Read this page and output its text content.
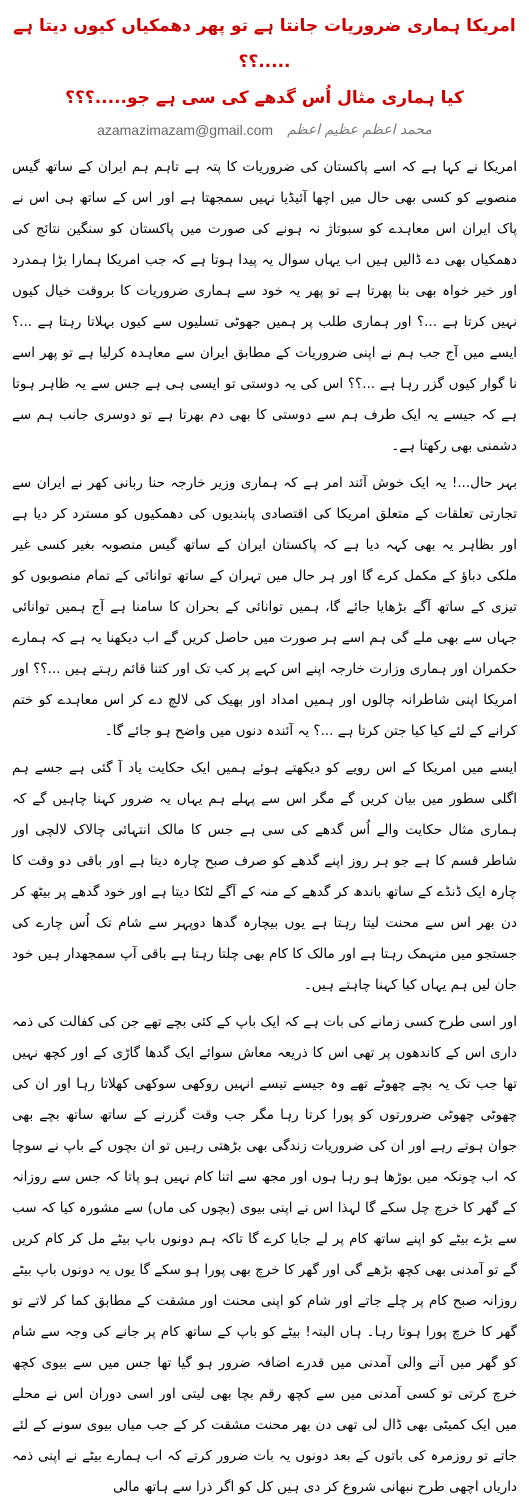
امریکا ہماری ضروریات جانتا ہے تو پھر دھمکیاں کیوں دیتا ہے .....؟؟
کیا ہماری مثال اُس گدھے کی سی ہے جو.....؟؟؟
azamazimazam@gmail.com محمد اعظم عظیم اعظم

امریکا نے کہا ہے کہ اسے پاکستان کی ضروریات کا پتہ ہے تاہم ہم ایران کے ساتھ گیس منصوبے کو کسی بھی حال میں اچھا آئیڈیا نہیں سمجھتا ہے اور اس کے ساتھ ہی اس نے پاک ایران اس معاہدے کو سبوتاژ نہ ہونے کی صورت میں پاکستان کو سنگین نتائج کی دھمکیاں بھی دے ڈالیں ہیں اب یہاں سوال یہ پیدا ہوتا ہے کہ جب امریکا ہمارا بڑا ہمدرد اور خیر خواہ بھی بنا پھرتا ہے تو پھر یہ خود سے ہماری ضروریات کا بروقت خیال کیوں نہیں کرتا ہے ...؟ اور ہماری طلب پر ہمیں جھوٹی تسلیوں سے کیوں بہلاتا رہتا ہے ...؟ ایسے میں آج جب ہم نے اپنی ضروریات کے مطابق ایران سے معاہدہ کرلیا ہے تو پھر اسے نا گوار کیوں گزر رہا ہے ...؟؟ اس کی یہ دوستی تو ایسی ہی ہے جس سے یہ ظاہر ہوتا ہے کہ جیسے یہ ایک طرف ہم سے دوستی کا بھی دم بھرتا ہے تو دوسری جانب ہم سے دشمنی بھی رکھتا ہے۔

بہر حال...! یہ ایک خوش آئند امر ہے کہ ہماری وزیر خارجہ حنا ربانی کھر نے ایران سے تجارتی تعلقات کے متعلق امریکا کی اقتصادی پابندیوں کی دھمکیوں کو مسترد کر دیا ہے اور بظاہر یہ بھی کہہ دیا ہے کہ پاکستان ایران کے ساتھ گیس منصوبہ بغیر کسی غیر ملکی دباؤ کے مکمل کرے گا اور ہر حال میں تہران کے ساتھ توانائی کے تمام منصوبوں کو تیزی کے ساتھ آگے بڑھایا جائے گا، ہمیں توانائی کے بحران کا سامنا ہے آج ہمیں توانائی جہاں سے بھی ملے گی ہم اسے ہر صورت میں حاصل کریں گے اب دیکھنا یہ ہے کہ ہمارے حکمران اور ہماری وزارت خارجہ اپنے اس کہے پر کب تک اور کتنا قائم رہتے ہیں ...؟؟ اور امریکا اپنی شاطرانہ چالوں اور ہمیں امداد اور بھیک کی لالچ دے کر اس معاہدے کو ختم کرانے کے لئے کیا کیا جتن کرتا ہے ...؟ یہ آئندہ دنوں میں واضح ہو جائے گا۔

ایسے میں امریکا کے اس رویے کو دیکھتے ہوئے ہمیں ایک حکایت یاد آ گئی ہے جسے ہم اگلی سطور میں بیان کریں گے مگر اس سے پہلے ہم یہاں یہ ضرور کہنا چاہیں گے کہ ہماری مثال حکایت والے اُس گدھے کی سی ہے جس کا مالک انتہائی چالاک لالچی اور شاطر قسم کا ہے جو ہر روز اپنے گدھے کو صرف صبح چارہ دیتا ہے اور باقی دو وقت کا چارہ ایک ڈنڈے کے ساتھ باندھ کر گدھے کے منہ کے آگے لٹکا دیتا ہے اور خود گدھے پر بیٹھ کر دن بھر اس سے محنت لیتا رہتا ہے یوں بیچارہ گدھا دوپہر سے شام تک اُس چارے کی جستجو میں منہمک رہتا ہے اور مالک کا کام بھی چلتا رہتا ہے باقی آپ سمجھدار ہیں خود جان لیں ہم یہاں کیا کہنا چاہتے ہیں۔

اور اسی طرح کسی زمانے کی بات ہے کہ ایک باپ کے کئی بچے تھے جن کی کفالت کی ذمہ داری اس کے کاندھوں پر تھی اس کا ذریعہ معاش سوائے ایک گدھا گاڑی کے اور کچھ نہیں تھا جب تک یہ بچے چھوٹے تھے وہ جیسے تیسے انہیں روکھی سوکھی کھلاتا رہا اور ان کی چھوٹی چھوٹی ضرورتوں کو پورا کرتا رہا مگر جب وقت گزرنے کے ساتھ ساتھ بچے بھی جوان ہوتے رہے اور ان کی ضروریات زندگی بھی بڑھتی رہیں تو ان بچوں کے باپ نے سوچا کہ اب چونکہ میں بوڑھا ہو رہا ہوں اور مجھ سے اتنا کام نہیں ہو پاتا کہ جس سے روزانہ کے گھر کا خرچ چل سکے گا لہذا اس نے اپنی بیوی (بچوں کی ماں) سے مشورہ کیا کہ سب سے بڑے بیٹے کو اپنے ساتھ کام پر لے جایا کرے گا تاکہ ہم دونوں باپ بیٹے مل کر کام کریں گے تو آمدنی بھی کچھ بڑھے گی اور گھر کا خرچ بھی پورا ہو سکے گا یوں یہ دونوں باپ بیٹے روزانہ صبح کام پر چلے جاتے اور شام کو اپنی محنت اور مشقت کے مطابق کما کر لاتے تو گھر کا خرچ پورا ہوتا رہا۔ ہاں البتہ! بیٹے کو باپ کے ساتھ کام پر جانے کی وجہ سے شام کو گھر میں آنے والی آمدنی میں قدرے اضافہ ضرور ہو گیا تھا جس میں سے بیوی کچھ خرچ کرتی تو کسی آمدنی میں سے کچھ رقم بچا بھی لیتی اور اسی دوران اس نے محلے میں ایک کمیٹی بھی ڈال لی تھی دن بھر محنت مشقت کر کے جب میاں بیوی سونے کے لئے جاتے تو روزمرہ کی باتوں کے بعد دونوں یہ بات ضرور کرتے کہ اب ہمارے بیٹے نے اپنی ذمہ داریاں اچھی طرح نبھانی شروع کر دی ہیں کل کو اگر ذرا سے ہاتھ مالی
